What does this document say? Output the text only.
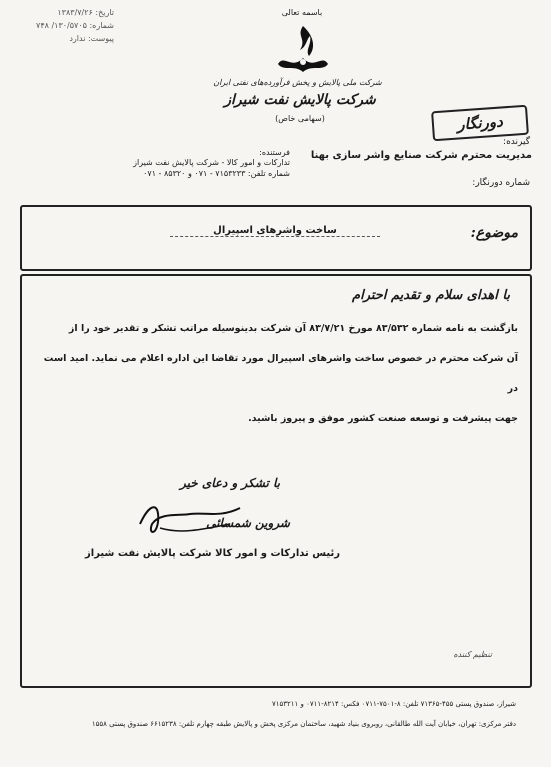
تاریخ: ۱۳۸۳/۷/۲۶
شماره: ۱۳۰/۵۷۰۵/ ۷۴۸
پیوست: ندارد
باسمه تعالی
شرکت ملی پالایش و پخش فرآورده‌های نفتی ایران
شرکت پالایش نفت شیراز
(سهامی خاص)	دورنگار
گیرنده:
مدیریت محترم شرکت صنایع واشر سازی بهنا
فرستنده:
تدارکات و امور کالا - شرکت پالایش نفت شیراز
شماره تلفن: ۷۱۵۳۲۳۳ - ۰۷۱ و ۸۵۳۲۰ - ۰۷۱
شماره دورنگار:
موضوع:
ساخت واشرهای اسپیرال
با اهدای سلام و تقدیم احترام
بازگشت به نامه شماره ۸۳/۵۳۲ مورخ ۸۳/۷/۲۱ آن شرکت بدینوسیله مراتب تشکر و تقدیر خود را از
آن شرکت محترم در خصوص ساخت واشرهای اسپیرال مورد تقاضا این اداره اعلام می نماید. امید است در
جهت پیشرفت و توسعه صنعت کشور موفق و پیروز باشید.
با تشکر و دعای خیر
شروین شمسائی
رئیس تدارکات و امور کالا شرکت پالایش نفت شیراز
تنظیم کننده
شیراز، صندوق پستی ۴۵۵-۷۱۳۶۵ تلفن: ۸-۷۵۰۱-۰۷۱۱ فکس: ۸۲۱۴-۰۷۱۱ و ۷۱۵۳۲۱۱
دفتر مرکزی: تهران، خیابان آیت الله طالقانی، روبروی بنیاد شهید، ساختمان مرکزی پخش و پالایش طبقه چهارم تلفن: ۶۶۱۵۲۳۸ صندوق پستی ۱۵۵۸
